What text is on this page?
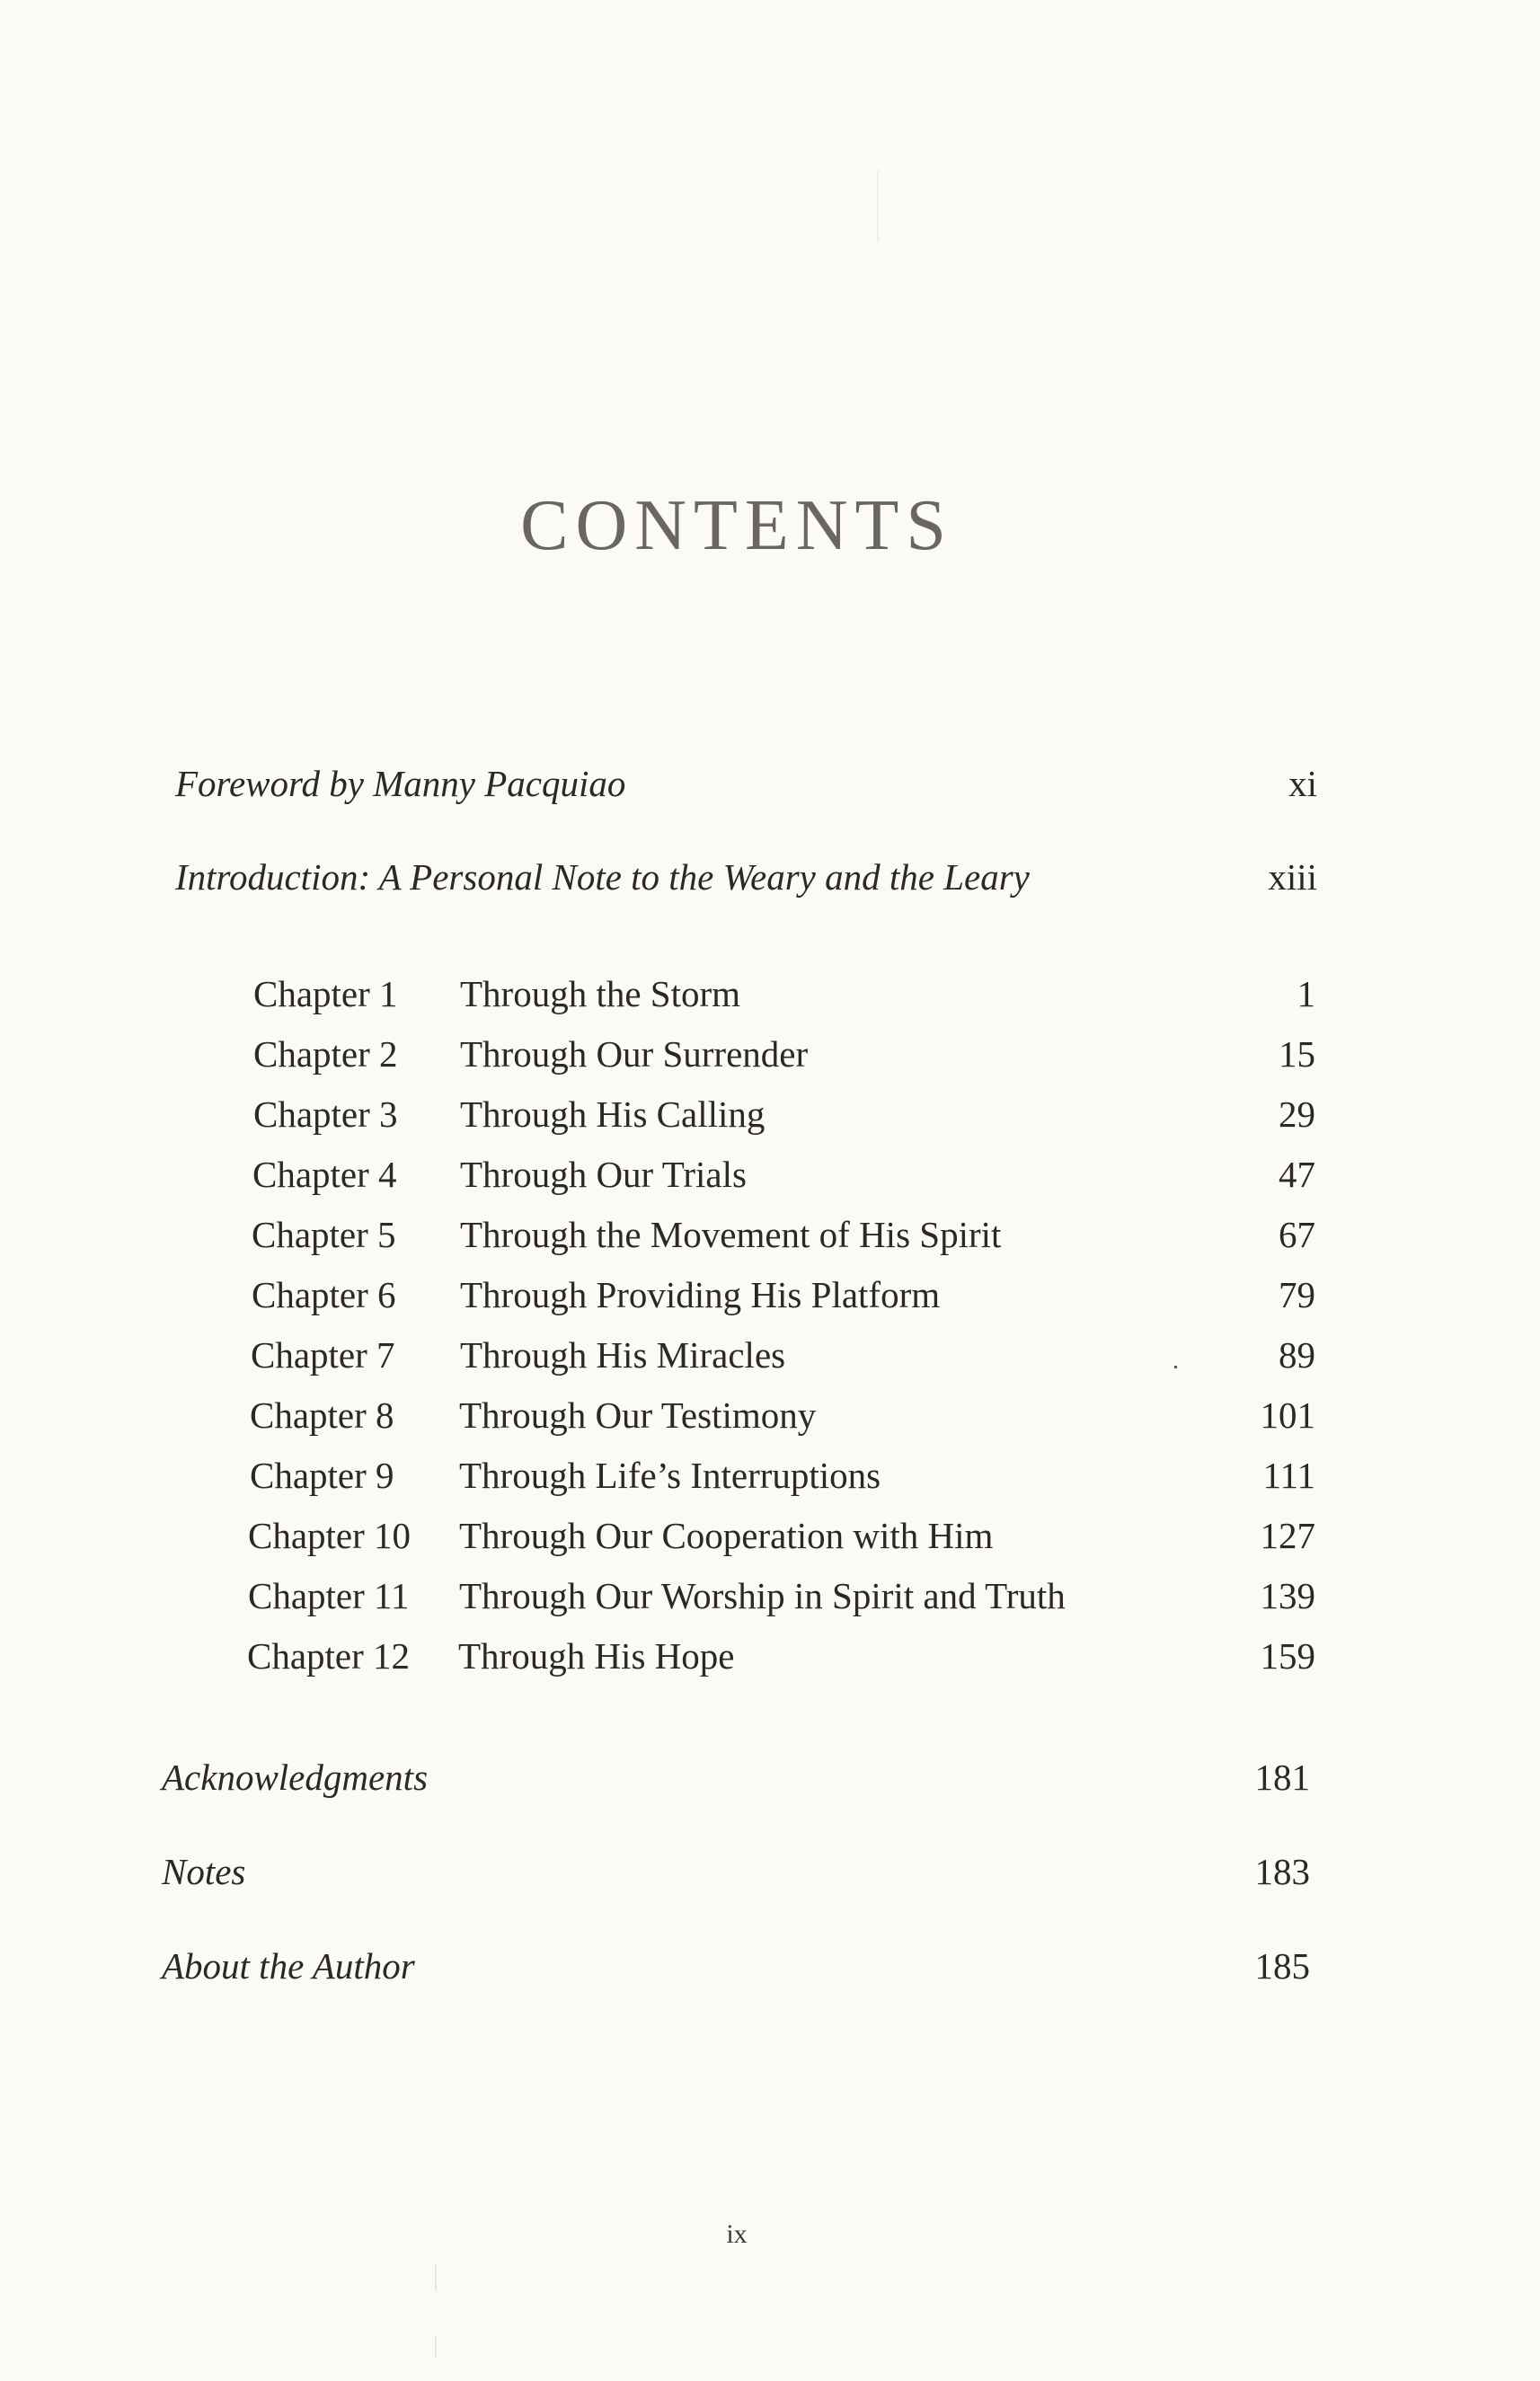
CONTENTS
Foreword by Manny Pacquiao	xi
Introduction: A Personal Note to the Weary and the Leary	xiii
Chapter 1 Through the Storm	1
Chapter 2 Through Our Surrender	15
Chapter 3 Through His Calling	29
Chapter 4 Through Our Trials	47
Chapter 5 Through the Movement of His Spirit	67
Chapter 6 Through Providing His Platform	79
Chapter 7 Through His Miracles	89
Chapter 8 Through Our Testimony	101
Chapter 9 Through Life’s Interruptions	111
Chapter 10 Through Our Cooperation with Him	127
Chapter 11 Through Our Worship in Spirit and Truth	139
Chapter 12 Through His Hope	159
Acknowledgments	181
Notes	183
About the Author	185
ix
